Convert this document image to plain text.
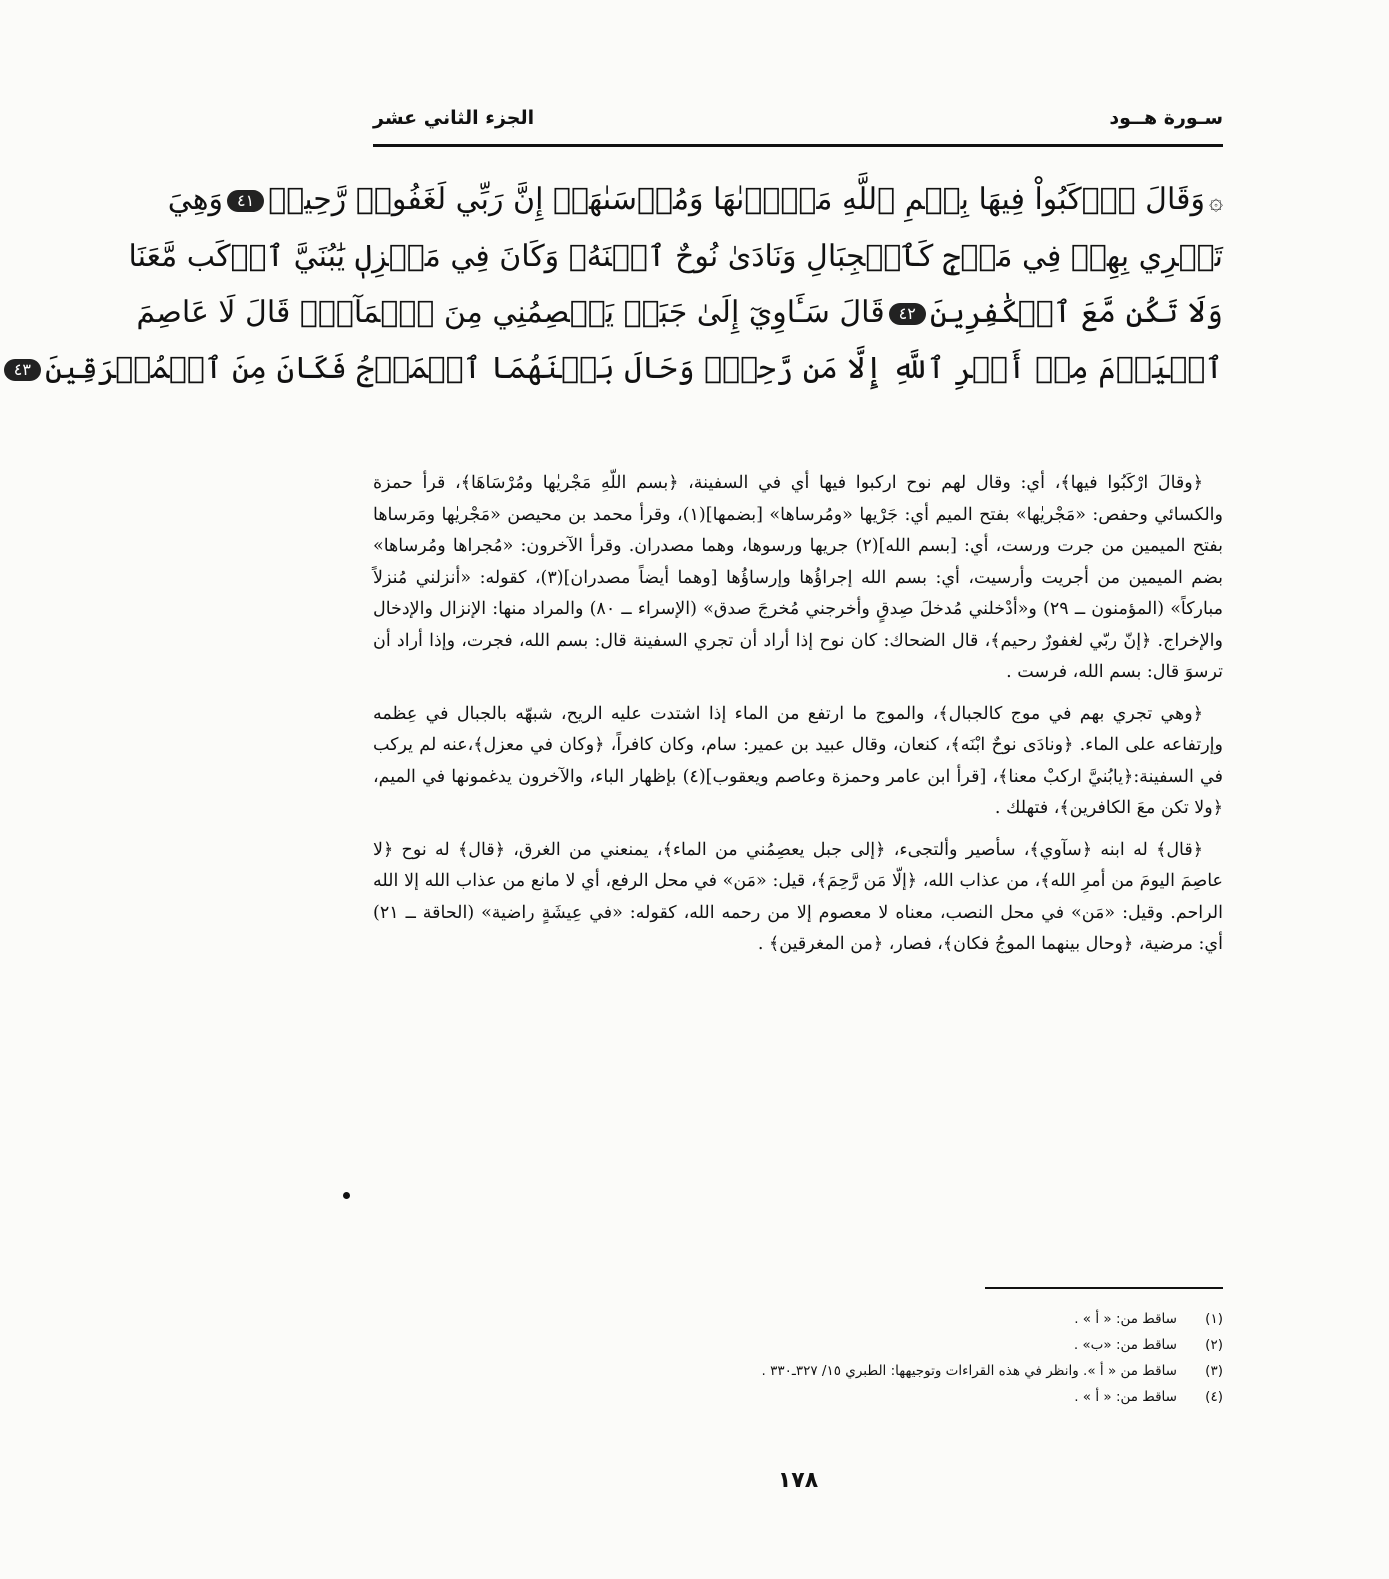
سـورة هــود
الجزء الثاني عشر
۞وَقَالَ ٱرۡكَبُواْ فِيهَا بِسۡمِ ٱللَّهِ مَجۡرٜىٰهَا وَمُرۡسَىٰهَآۚ إِنَّ رَبِّي لَغَفُورٞ رَّحِيمٞ٤١وَهِيَ
تَجۡرِي بِهِمۡ فِي مَوۡجٖ كَٱلۡجِبَالِ وَنَادَىٰ نُوحٌ ٱبۡنَهُۥ وَكَانَ فِي مَعۡزِلٖ يَٰبُنَيَّ ٱرۡكَب مَّعَنَا
وَلَا تَكُن مَّعَ ٱلۡكَٰفِرِينَ٤٢قَالَ سَـَٔاوِيٓ إِلَىٰ جَبَلٖ يَعۡصِمُنِي مِنَ ٱلۡمَآءِۚ قَالَ لَا عَاصِمَ
ٱلۡيَوۡمَ مِنۡ أَمۡرِ ٱللَّهِ إِلَّا مَن رَّحِمَۚ وَحَالَ بَيۡنَهُمَا ٱلۡمَوۡجُ فَكَانَ مِنَ ٱلۡمُغۡرَقِينَ٤٣

﴿وقالَ ارْكَبُوا فيها﴾، أي: وقال لهم نوح اركبوا فيها أي في السفينة، ﴿بسم اللّهِ مَجْريٰها ومُرْسَاهَا﴾، قرأ حمزة والكسائي وحفص: «مَجْريٰها» بفتح الميم أي: جَرْيها «ومُرساها» [بضمها](١)، وقرأ محمد بن محيصن «مَجْريٰها ومَرساها بفتح الميمين من جرت ورست، أي: [بسم الله](٢) جريها ورسوها، وهما مصدران. وقرأ الآخرون: «مُجراها ومُرساها» بضم الميمين من أجريت وأرسيت، أي: بسم الله إجراؤُها وإرساؤُها [وهما أيضاً مصدران](٣)، كقوله: «أنزلني مُنزلاً مباركاً» (المؤمنون ــ ٢٩) و«أدْخلني مُدخلَ صِدقٍ وأخرجني مُخرجَ صدق» (الإسراء ــ ٨٠) والمراد منها: الإنزال والإدخال والإخراج. ﴿إنّ ربّي لغفورٌ رحيم﴾، قال الضحاك: كان نوح إذا أراد أن تجري السفينة قال: بسم الله، فجرت، وإذا أراد أن ترسوَ قال: بسم الله، فرست .

﴿وهي تجري بهم في موج كالجبال﴾، والموج ما ارتفع من الماء إذا اشتدت عليه الريح، شبهّه بالجبال في عِظمه وإرتفاعه على الماء. ﴿ونادَى نوحٌ ابْنَه﴾، كنعان، وقال عبيد بن عمير: سام، وكان كافراً، ﴿وكان في معزل﴾،عنه لم يركب في السفينة:﴿يابُنيَّ اركبْ معنا﴾، [قرأ ابن عامر وحمزة وعاصم ويعقوب](٤) بإظهار الباء، والآخرون يدغمونها في الميم، ﴿ولا تكن معَ الكافرين﴾، فتهلك .

﴿قال﴾ له ابنه ﴿سآوي﴾، سأصير وألتجىء، ﴿إلى جبل يعصِمُني من الماء﴾، يمنعني من الغرق، ﴿قال﴾ له نوح ﴿لا عاصِمَ اليومَ من أمرِ الله﴾، من عذاب الله، ﴿إلّا مَن رَّحِمَ﴾، قيل: «مَن» في محل الرفع، أي لا مانع من عذاب الله إلا الله الراحم. وقيل: «مَن» في محل النصب، معناه لا معصوم إلا من رحمه الله، كقوله: «في عِيشَةٍ راضية» (الحاقة ــ ٢١) أي: مرضية، ﴿وحال بينهما الموجُ فكان﴾، فصار، ﴿من المغرقين﴾ .

(١)
ساقط من: « أ » .
(٢)
ساقط من: «ب» .
(٣)
ساقط من « أ ». وانظر في هذه القراءات وتوجيهها: الطبري ١٥/ ٣٢٧ـ٣٣٠ .
(٤)
ساقط من: « أ » .
١٧٨
